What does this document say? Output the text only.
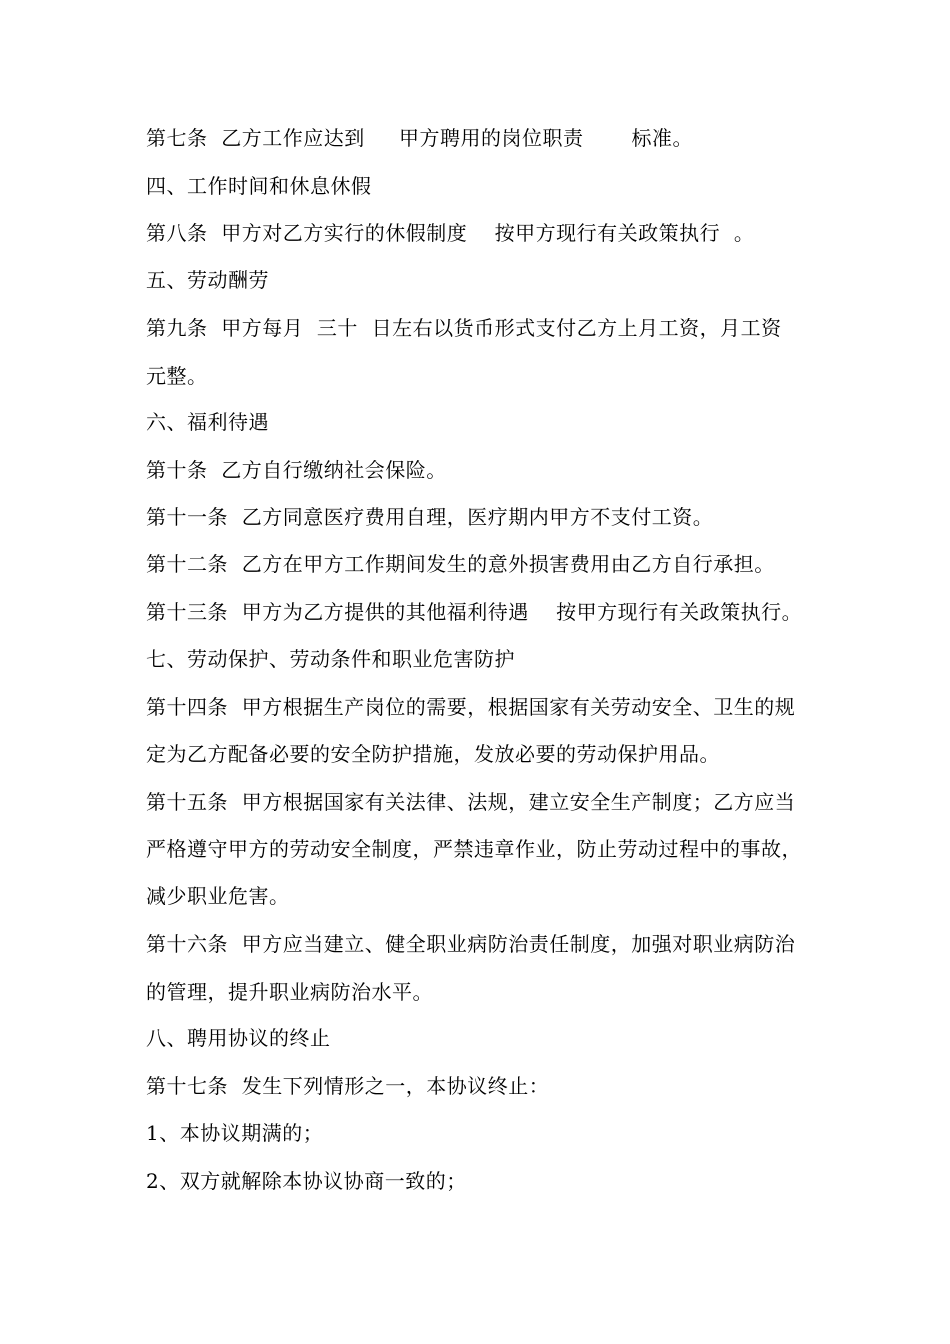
第七条  乙方工作应达到     甲方聘用的岗位职责       标准。
四、工作时间和休息休假
第八条  甲方对乙方实行的休假制度    按甲方现行有关政策执行  。
五、劳动酬劳
第九条  甲方每月  三十  日左右以货币形式支付乙方上月工资，月工资
元整。
六、福利待遇
第十条  乙方自行缴纳社会保险。
第十一条  乙方同意医疗费用自理，医疗期内甲方不支付工资。
第十二条  乙方在甲方工作期间发生的意外损害费用由乙方自行承担。
第十三条  甲方为乙方提供的其他福利待遇    按甲方现行有关政策执行。
七、劳动保护、劳动条件和职业危害防护
第十四条  甲方根据生产岗位的需要，根据国家有关劳动安全、卫生的规
定为乙方配备必要的安全防护措施，发放必要的劳动保护用品。
第十五条  甲方根据国家有关法律、法规，建立安全生产制度；乙方应当
严格遵守甲方的劳动安全制度，严禁违章作业，防止劳动过程中的事故，
减少职业危害。
第十六条  甲方应当建立、健全职业病防治责任制度，加强对职业病防治
的管理，提升职业病防治水平。
八、聘用协议的终止
第十七条  发生下列情形之一，本协议终止：
1、本协议期满的；
2、双方就解除本协议协商一致的；
